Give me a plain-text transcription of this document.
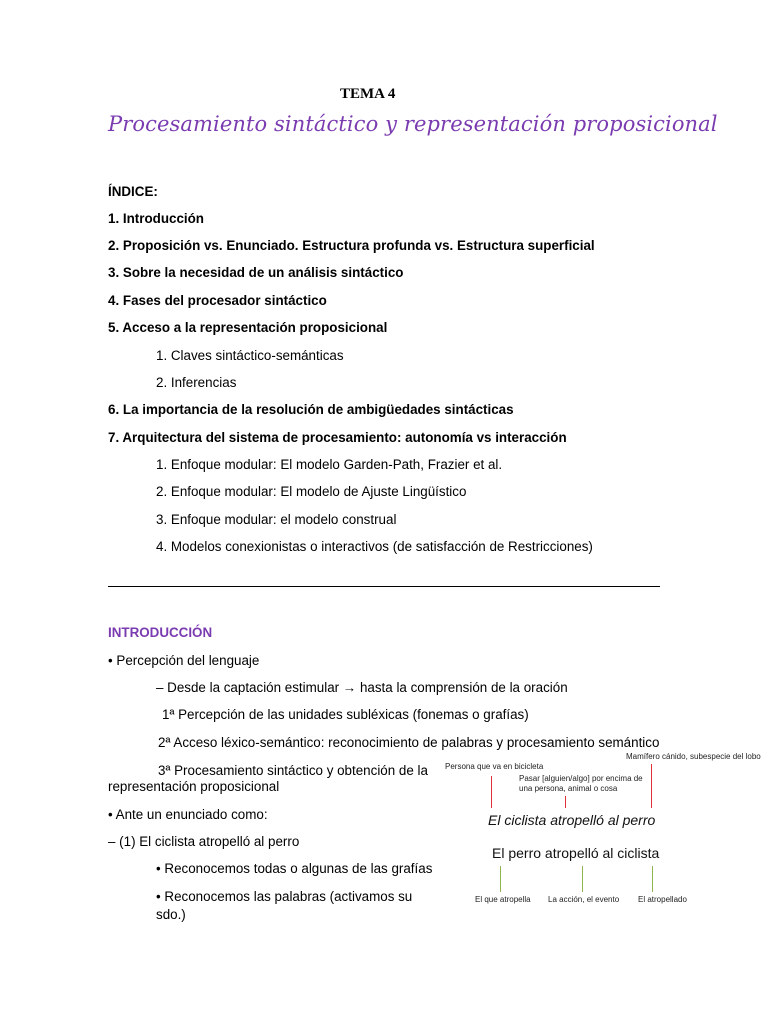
TEMA 4
Procesamiento sintáctico y representación proposicional
ÍNDICE:
1. Introducción
2. Proposición vs. Enunciado. Estructura profunda vs. Estructura superficial
3. Sobre la necesidad de un análisis sintáctico
4. Fases del procesador sintáctico
5. Acceso a la representación proposicional
1. Claves sintáctico-semánticas
2. Inferencias
6. La importancia de la resolución de ambigüedades sintácticas
7. Arquitectura del sistema de procesamiento: autonomía vs interacción
1. Enfoque modular: El modelo Garden-Path, Frazier et al.
2. Enfoque modular: El modelo de Ajuste Lingüístico
3. Enfoque modular: el modelo construal
4. Modelos conexionistas o interactivos (de satisfacción de Restricciones)
INTRODUCCIÓN
• Percepción del lenguaje
– Desde la captación estimular → hasta la comprensión de la oración
1ª Percepción de las unidades subléxicas (fonemas o grafías)
2ª Acceso léxico-semántico: reconocimiento de palabras y procesamiento semántico
3ª Procesamiento sintáctico y obtención de la
representación proposicional
• Ante un enunciado como:
– (1) El ciclista atropelló al perro
• Reconocemos todas o algunas de las grafías
• Reconocemos las palabras (activamos su
sdo.)
Mamífero cánido, subespecie del lobo
Persona que va en bicicleta
Pasar [alguien/algo] por encima de
una persona, animal o cosa
El ciclista atropelló al perro
El perro atropelló al ciclista
El que atropella La acción, el evento El atropellado
